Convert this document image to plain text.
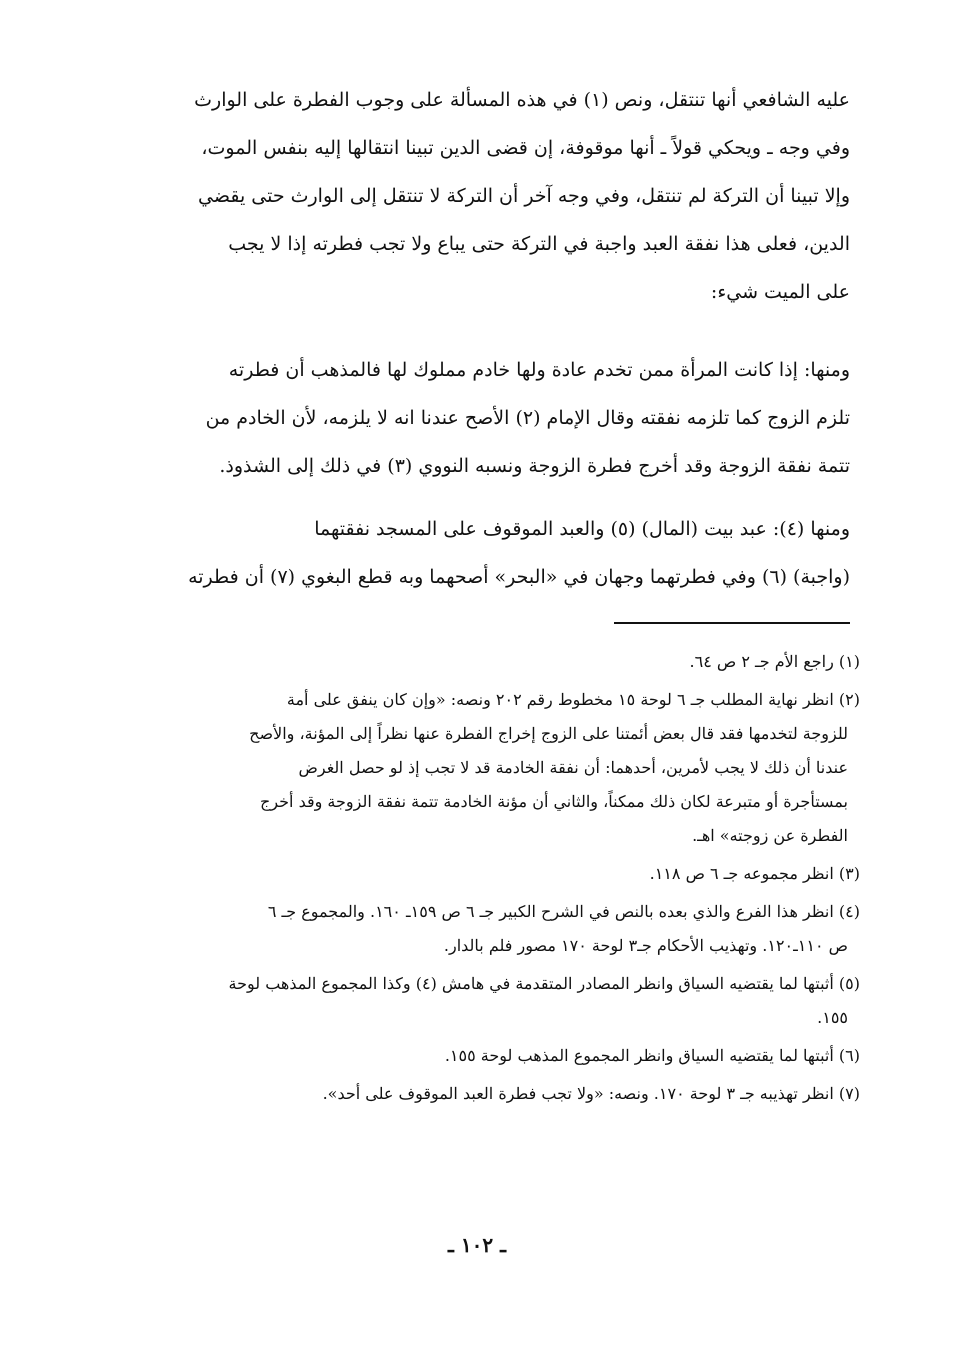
عليه الشافعي أنها تنتقل، ونص (١) في هذه المسألة على وجوب الفطرة على الوارث
وفي وجه ـ ويحكي قولاً ـ أنها موقوفة، إن قضى الدين تبينا انتقالها إليه بنفس الموت،
وإلا تبينا أن التركة لم تنتقل، وفي وجه آخر أن التركة لا تنتقل إلى الوارث حتى يقضي
الدين، فعلى هذا نفقة العبد واجبة في التركة حتى يباع ولا تجب فطرته إذا لا يجب
على الميت شيء:
ومنها: إذا كانت المرأة ممن تخدم عادة ولها خادم مملوك لها فالمذهب أن فطرته
تلزم الزوج كما تلزمه نفقته وقال الإمام (٢) الأصح عندنا انه لا يلزمه، لأن الخادم من
تتمة نفقة الزوجة وقد أخرج فطرة الزوجة ونسبه النووي (٣) في ذلك إلى الشذوذ.
ومنها (٤): عبد بيت (المال) (٥) والعبد الموقوف على المسجد نفقتهما
(واجبة) (٦) وفي فطرتهما وجهان في «البحر» أصحهما وبه قطع البغوي (٧) أن فطرته
(١) راجع الأم جـ ٢ ص ٦٤.
(٢) انظر نهاية المطلب جـ ٦ لوحة ١٥ مخطوط رقم ٢٠٢ ونصه: «وإن كان ينفق على أمة
للزوجة لتخدمها فقد قال بعض أئمتنا على الزوج إخراج الفطرة عنها نظراً إلى المؤنة، والأصح
عندنا أن ذلك لا يجب لأمرين، أحدهما: أن نفقة الخادمة قد لا تجب إذ لو حصل الغرض
بمستأجرة أو متبرعة لكان ذلك ممكناً، والثاني أن مؤنة الخادمة تتمة نفقة الزوجة وقد أخرج
الفطرة عن زوجته» اهـ.
(٣) انظر مجموعه جـ ٦ ص ١١٨.
(٤) انظر هذا الفرع والذي بعده بالنص في الشرح الكبير جـ ٦ ص ١٥٩ـ ١٦٠. والمجموع جـ ٦
ص ١١٠ـ١٢٠. وتهذيب الأحكام جـ٣ لوحة ١٧٠ مصور فلم بالدار.
(٥) أثبتها لما يقتضيه السياق وانظر المصادر المتقدمة في هامش (٤) وكذا المجموع المذهب لوحة
١٥٥.
(٦) أثبتها لما يقتضيه السياق وانظر المجموع المذهب لوحة ١٥٥.
(٧) انظر تهذيبه جـ ٣ لوحة ١٧٠. ونصه: «ولا تجب فطرة العبد الموقوف على أحد».
ـ ١٠٢ ـ
